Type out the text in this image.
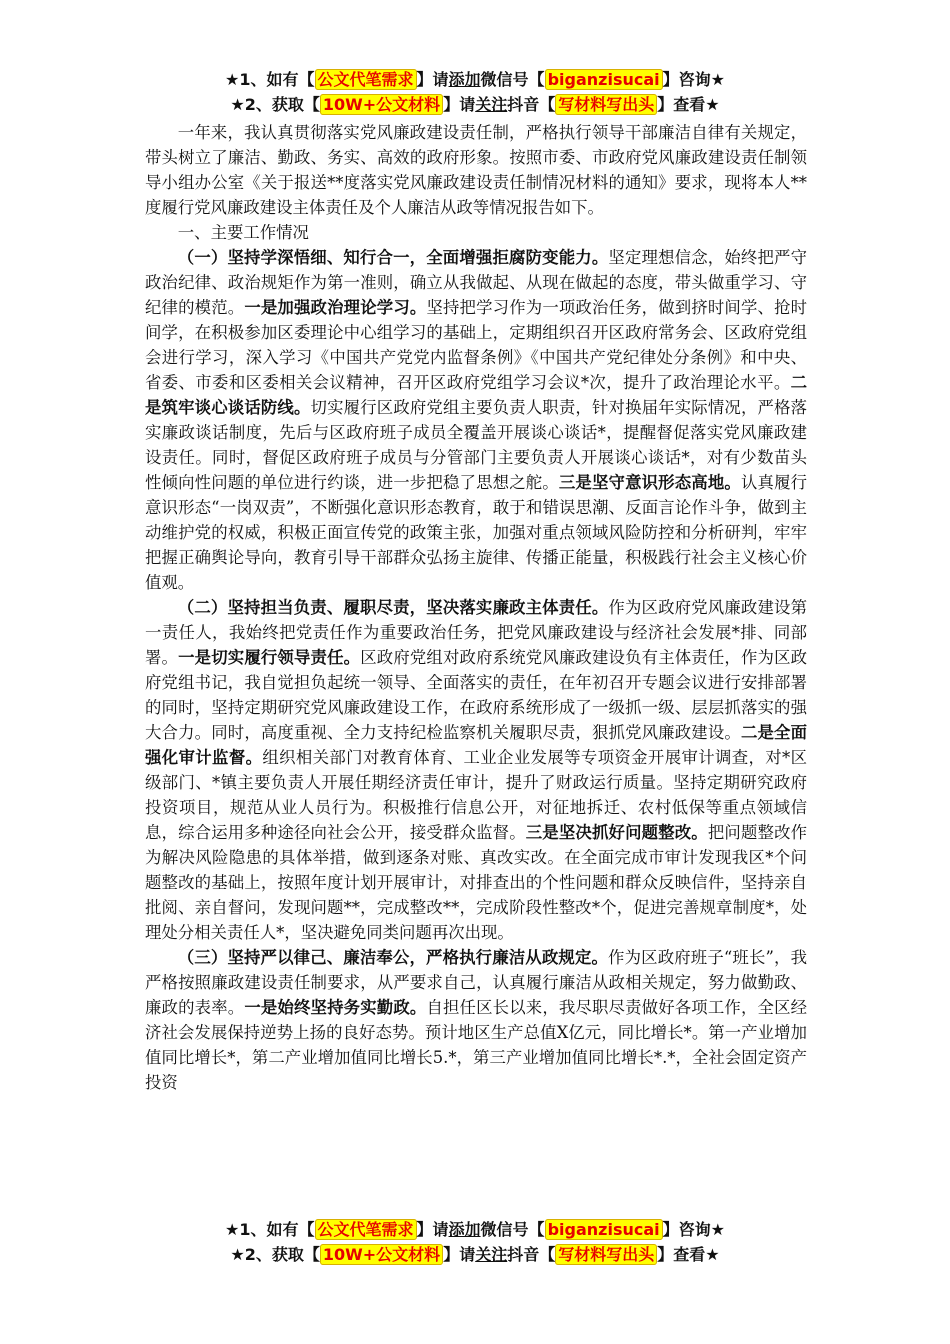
★1、如有【 公文代笔需求 】请添加微信号【 biganzisucai 】咨询★
★2、获取【 10W+公文材料 】请关注抖音【 写材料写出头 】查看★

一年来，我认真贯彻落实党风廉政建设责任制，严格执行领导干部廉洁自律有关规定，带头树立了廉洁、勤政、务实、高效的政府形象。按照市委、市政府党风廉政建设责任制领导小组办公室《关于报送**度落实党风廉政建设责任制情况材料的通知》要求，现将本人**度履行党风廉政建设主体责任及个人廉洁从政等情况报告如下。

一、主要工作情况

（一）坚持学深悟细、知行合一，全面增强拒腐防变能力。坚定理想信念，始终把严守政治纪律、政治规矩作为第一准则，确立从我做起、从现在做起的态度，带头做重学习、守纪律的模范。一是加强政治理论学习。坚持把学习作为一项政治任务，做到挤时间学、抢时间学，在积极参加区委理论中心组学习的基础上，定期组织召开区政府常务会、区政府党组会进行学习，深入学习《中国共产党党内监督条例》《中国共产党纪律处分条例》和中央、省委、市委和区委相关会议精神，召开区政府党组学习会议*次，提升了政治理论水平。二是筑牢谈心谈话防线。切实履行区政府党组主要负责人职责，针对换届年实际情况，严格落实廉政谈话制度，先后与区政府班子成员全覆盖开展谈心谈话*，提醒督促落实党风廉政建设责任。同时，督促区政府班子成员与分管部门主要负责人开展谈心谈话*，对有少数苗头性倾向性问题的单位进行约谈，进一步把稳了思想之舵。三是坚守意识形态高地。认真履行意识形态“一岗双责”，不断强化意识形态教育，敢于和错误思潮、反面言论作斗争，做到主动维护党的权威，积极正面宣传党的政策主张，加强对重点领域风险防控和分析研判，牢牢把握正确舆论导向，教育引导干部群众弘扬主旋律、传播正能量，积极践行社会主义核心价值观。

（二）坚持担当负责、履职尽责，坚决落实廉政主体责任。作为区政府党风廉政建设第一责任人，我始终把党责任作为重要政治任务，把党风廉政建设与经济社会发展*排、同部署。一是切实履行领导责任。区政府党组对政府系统党风廉政建设负有主体责任，作为区政府党组书记，我自觉担负起统一领导、全面落实的责任，在年初召开专题会议进行安排部署的同时，坚持定期研究党风廉政建设工作，在政府系统形成了一级抓一级、层层抓落实的强大合力。同时，高度重视、全力支持纪检监察机关履职尽责，狠抓党风廉政建设。二是全面强化审计监督。组织相关部门对教育体育、工业企业发展等专项资金开展审计调查，对*区级部门、*镇主要负责人开展任期经济责任审计，提升了财政运行质量。坚持定期研究政府投资项目，规范从业人员行为。积极推行信息公开，对征地拆迁、农村低保等重点领域信息，综合运用多种途径向社会公开，接受群众监督。三是坚决抓好问题整改。把问题整改作为解决风险隐患的具体举措，做到逐条对账、真改实改。在全面完成市审计发现我区*个问题整改的基础上，按照年度计划开展审计，对排查出的个性问题和群众反映信件，坚持亲自批阅、亲自督问，发现问题**，完成整改**，完成阶段性整改*个，促进完善规章制度*，处理处分相关责任人*，坚决避免同类问题再次出现。

（三）坚持严以律己、廉洁奉公，严格执行廉洁从政规定。作为区政府班子“班长”，我严格按照廉政建设责任制要求，从严要求自己，认真履行廉洁从政相关规定，努力做勤政、廉政的表率。一是始终坚持务实勤政。自担任区长以来，我尽职尽责做好各项工作，全区经济社会发展保持逆势上扬的良好态势。预计地区生产总值X亿元，同比增长*。第一产业增加值同比增长*，第二产业增加值同比增长5.*，第三产业增加值同比增长*.*，全社会固定资产投资

★1、如有【 公文代笔需求 】请添加微信号【 biganzisucai 】咨询★
★2、获取【 10W+公文材料 】请关注抖音【 写材料写出头 】查看★
